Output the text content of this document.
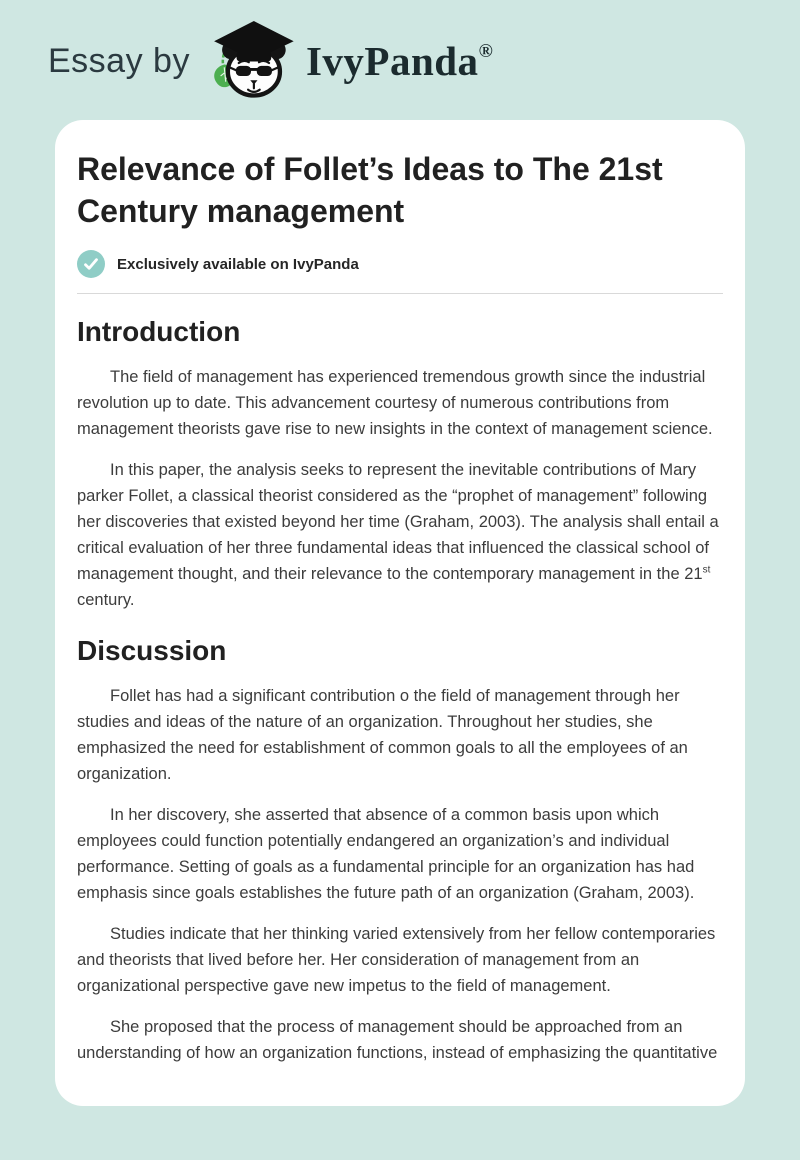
Essay by	IvyPanda®
Relevance of Follet’s Ideas to The 21st Century management
Exclusively available on IvyPanda
Introduction

The field of management has experienced tremendous growth since the industrial revolution up to date. This advancement courtesy of numerous contributions from management theorists gave rise to new insights in the context of management science.

In this paper, the analysis seeks to represent the inevitable contributions of Mary parker Follet, a classical theorist considered as the “prophet of management” following her discoveries that existed beyond her time (Graham, 2003). The analysis shall entail a critical evaluation of her three fundamental ideas that influenced the classical school of management thought, and their relevance to the contemporary management in the 21st century.

Discussion

Follet has had a significant contribution o the field of management through her studies and ideas of the nature of an organization. Throughout her studies, she emphasized the need for establishment of common goals to all the employees of an organization.

In her discovery, she asserted that absence of a common basis upon which employees could function potentially endangered an organization’s and individual performance. Setting of goals as a fundamental principle for an organization has had emphasis since goals establishes the future path of an organization (Graham, 2003).

Studies indicate that her thinking varied extensively from her fellow contemporaries and theorists that lived before her. Her consideration of management from an organizational perspective gave new impetus to the field of management.

She proposed that the process of management should be approached from an understanding of how an organization functions, instead of emphasizing the quantitative
